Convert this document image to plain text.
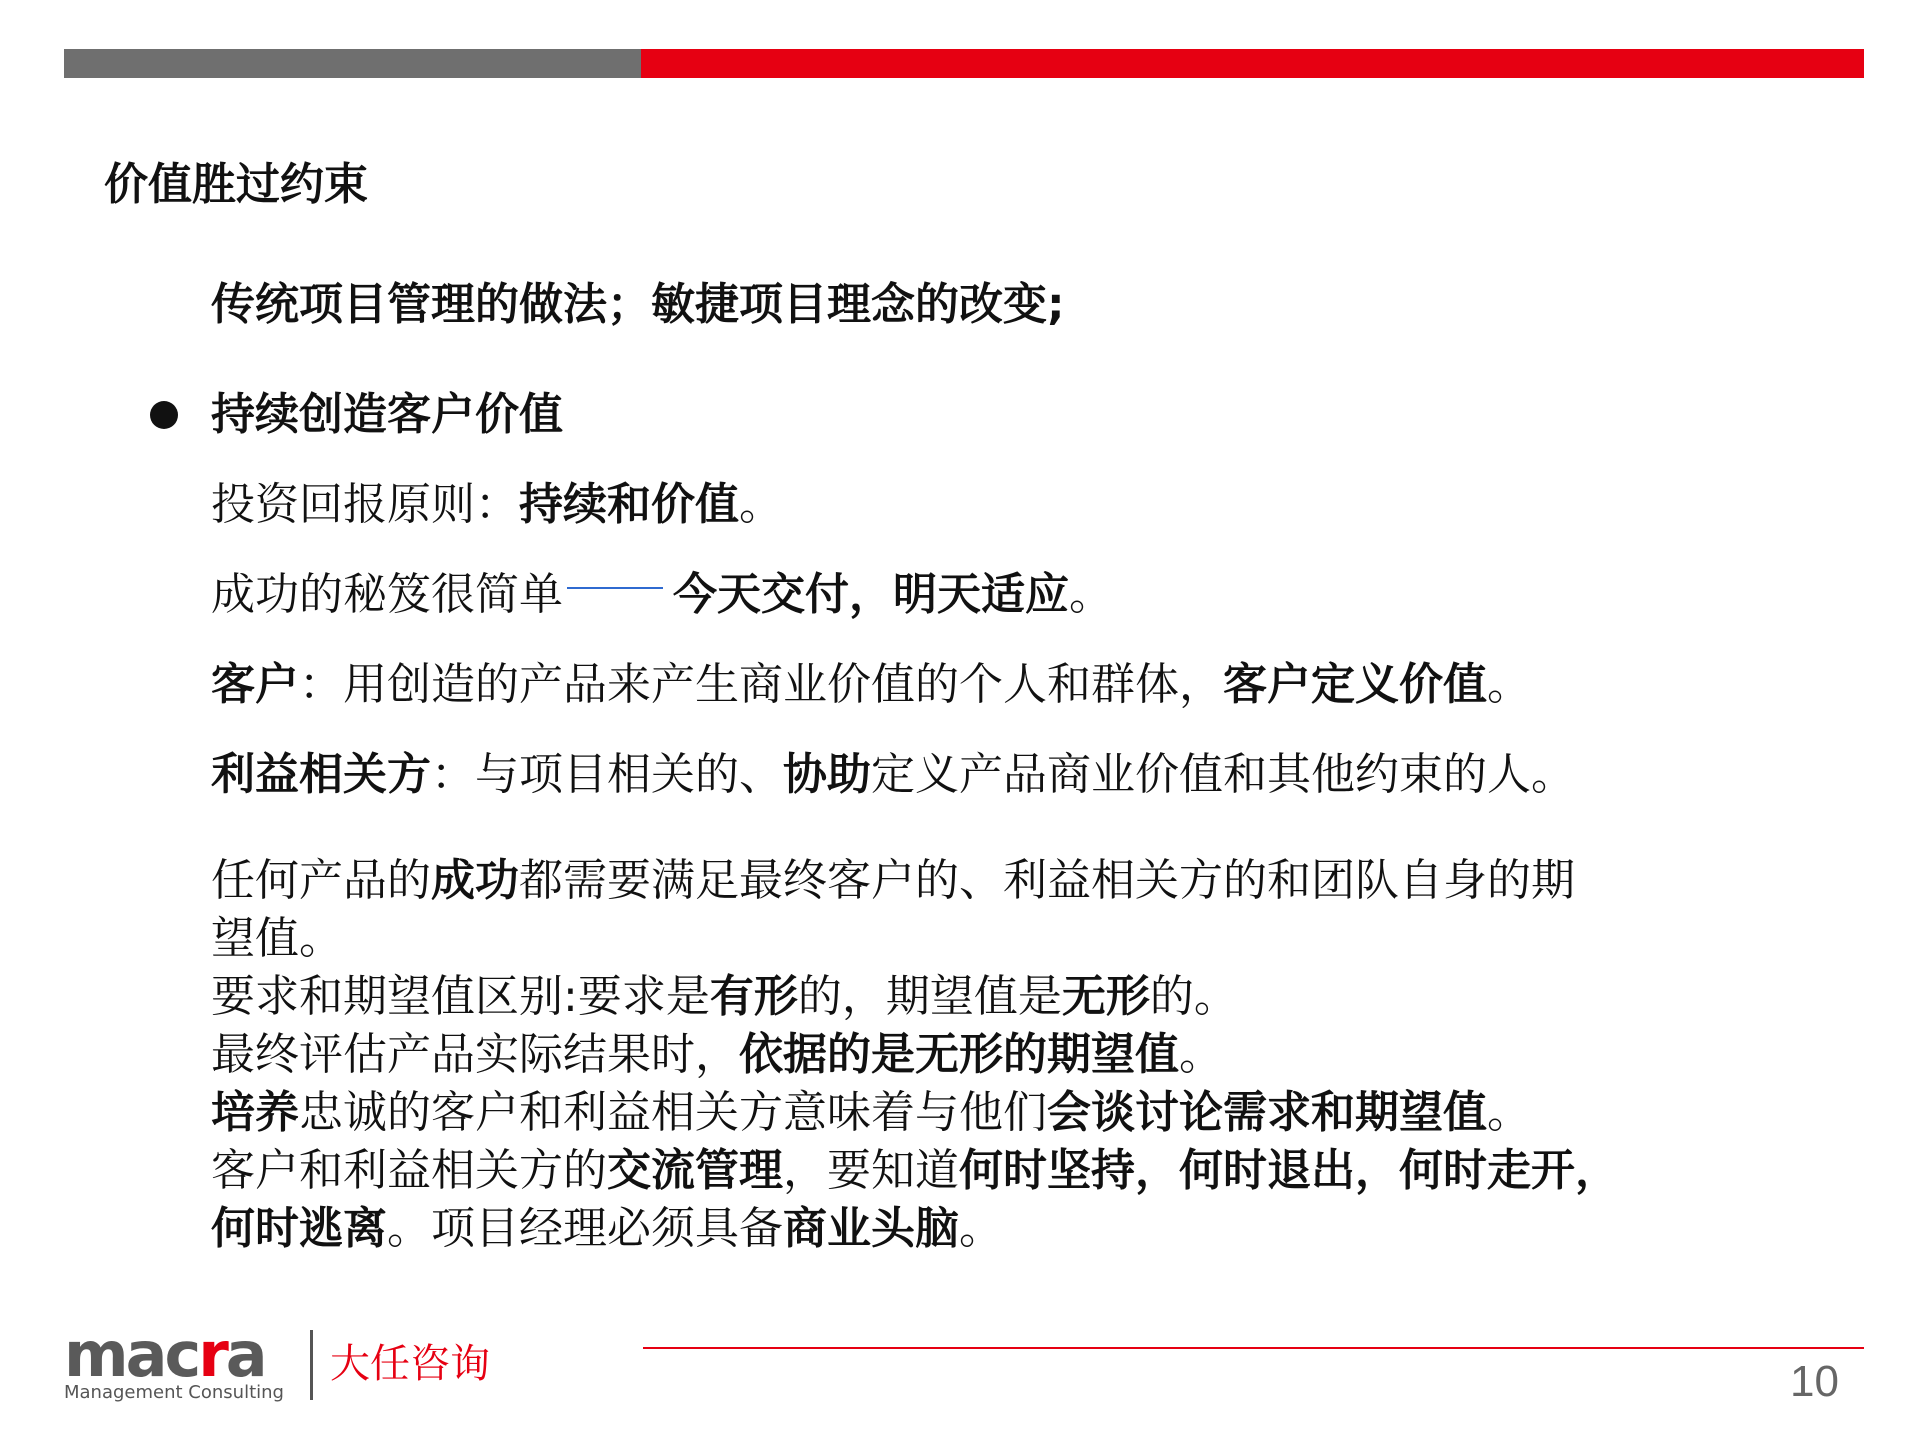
价值胜过约束
传统项目管理的做法；敏捷项目理念的改变;
持续创造客户价值
投资回报原则：持续和价值。
成功的秘笈很简单	今天交付，明天适应。
客户：用创造的产品来产生商业价值的个人和群体，客户定义价值。
利益相关方：与项目相关的、协助定义产品商业价值和其他约束的人。
任何产品的成功都需要满足最终客户的、利益相关方的和团队自身的期
望值。
要求和期望值区别:要求是有形的，期望值是无形的。
最终评估产品实际结果时，依据的是无形的期望值。
培养忠诚的客户和利益相关方意味着与他们会谈讨论需求和期望值。
客户和利益相关方的交流管理，要知道何时坚持，何时退出，何时走开，
何时逃离。项目经理必须具备商业头脑。
macra
Management Consulting
大任咨询	10
